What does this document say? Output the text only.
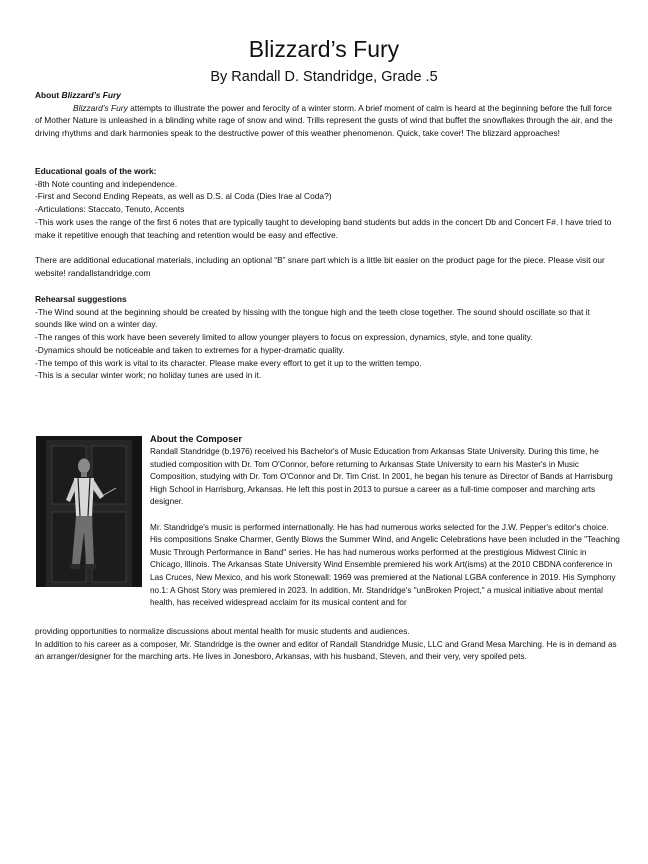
Blizzard’s Fury
By Randall D. Standridge, Grade .5

About Blizzard’s Fury

Blizzard’s Fury attempts to illustrate the power and ferocity of a winter storm. A brief moment of calm is heard at the beginning before the full force of Mother Nature is unleashed in a blinding white rage of snow and wind. Trills represent the gusts of wind that buffet the snowflakes through the air, and the driving rhythms and dark harmonies speak to the destructive power of this weather phenomenon. Quick, take cover! The blizzard approaches!

Educational goals of the work:

-8th Note counting and independence.

-First and Second Ending Repeats, as well as D.S. al Coda (Dies Irae al Coda?)

-Articulations: Staccato, Tenuto, Accents

-This work uses the range of the first 6 notes that are typically taught to developing band students but adds in the concert Db and Concert F#. I have tried to make it repetitive enough that teaching and retention would be easy and effective.

There are additional educational materials, including an optional “B” snare part which is a little bit easier on the product page for the piece. Please visit our website! randallstandridge.com

Rehearsal suggestions

-The Wind sound at the beginning should be created by hissing with the tongue high and the teeth close together. The sound should oscillate so that it sounds like wind on a winter day.

-The ranges of this work have been severely limited to allow younger players to focus on expression, dynamics, style, and tone quality.

-Dynamics should be noticeable and taken to extremes for a hyper-dramatic quality.

-The tempo of this work is vital to its character. Please make every effort to get it up to the written tempo.

-This is a secular winter work; no holiday tunes are used in it.

About the Composer

Randall Standridge (b.1976) received his Bachelor's of Music Education from Arkansas State University. During this time, he studied composition with Dr. Tom O'Connor, before returning to Arkansas State University to earn his Master's in Music Composition, studying with Dr. Tom O'Connor and Dr. Tim Crist. In 2001, he began his tenure as Director of Bands at Harrisburg High School in Harrisburg, Arkansas. He left this post in 2013 to pursue a career as a full-time composer and marching arts designer.

Mr. Standridge's music is performed internationally. He has had numerous works selected for the J.W. Pepper's editor's choice. His compositions Snake Charmer, Gently Blows the Summer Wind, and Angelic Celebrations have been included in the "Teaching Music Through Performance in Band" series. He has had numerous works performed at the prestigious Midwest Clinic in Chicago, Illinois. The Arkansas State University Wind Ensemble premiered his work Art(isms) at the 2010 CBDNA conference in Las Cruces, New Mexico, and his work Stonewall: 1969 was premiered at the National LGBA conference in 2019. His Symphony no.1: A Ghost Story was premiered in 2023. In addition, Mr. Standridge's "unBroken Project," a musical initiative about mental health, has received widespread acclaim for its musical content and for

providing opportunities to normalize discussions about mental health for music students and audiences.

In addition to his career as a composer, Mr. Standridge is the owner and editor of Randall Standridge Music, LLC and Grand Mesa Marching. He is in demand as an arranger/designer for the marching arts. He lives in Jonesboro, Arkansas, with his husband, Steven, and their very, very spoiled pets.
